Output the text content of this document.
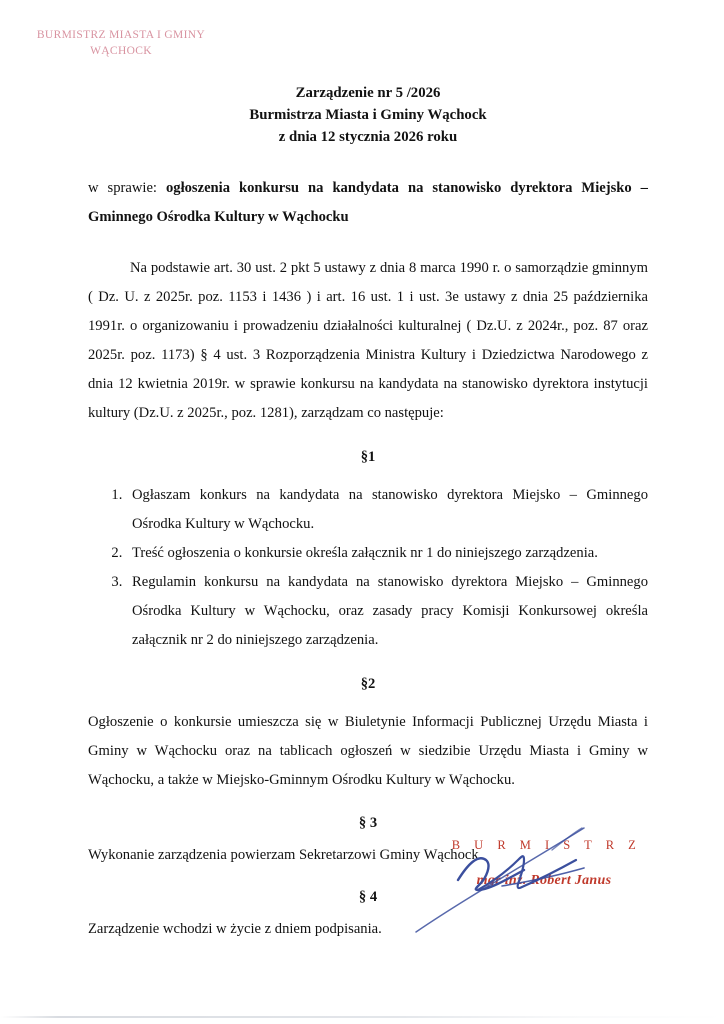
BURMISTRZ MIASTA I GMINY
WĄCHOCK
Zarządzenie nr 5 /2026
Burmistrza Miasta i Gminy Wąchock
z dnia 12 stycznia 2026 roku

w sprawie: ogłoszenia konkursu na kandydata na stanowisko dyrektora Miejsko – Gminnego Ośrodka Kultury w Wąchocku

Na podstawie art. 30 ust. 2 pkt 5 ustawy z dnia 8 marca 1990 r. o samorządzie gminnym ( Dz. U. z 2025r. poz. 1153 i 1436 ) i art. 16 ust. 1 i ust. 3e ustawy z dnia 25 października 1991r. o organizowaniu i prowadzeniu działalności kulturalnej ( Dz.U. z 2024r., poz. 87 oraz 2025r. poz. 1173) § 4 ust. 3 Rozporządzenia Ministra Kultury i Dziedzictwa Narodowego z dnia 12 kwietnia 2019r. w sprawie konkursu na kandydata na stanowisko dyrektora instytucji kultury (Dz.U. z 2025r., poz. 1281), zarządzam co następuje:

§1
1. Ogłaszam konkurs na kandydata na stanowisko dyrektora Miejsko – Gminnego Ośrodka Kultury w Wąchocku.
2. Treść ogłoszenia o konkursie określa załącznik nr 1 do niniejszego zarządzenia.
3. Regulamin konkursu na kandydata na stanowisko dyrektora Miejsko – Gminnego Ośrodka Kultury w Wąchocku, oraz zasady pracy Komisji Konkursowej określa załącznik nr 2 do niniejszego zarządzenia.
§2

Ogłoszenie o konkursie umieszcza się w Biuletynie Informacji Publicznej Urzędu Miasta i Gminy w Wąchocku oraz na tablicach ogłoszeń w siedzibie Urzędu Miasta i Gminy w Wąchocku, a także w Miejsko-Gminnym Ośrodku Kultury w Wąchocku.

§ 3

Wykonanie zarządzenia powierzam Sekretarzowi Gminy Wąchock.

§ 4

Zarządzenie wchodzi w życie z dniem podpisania.

B U R M I S T R Z
mgr inż. Robert Janus
